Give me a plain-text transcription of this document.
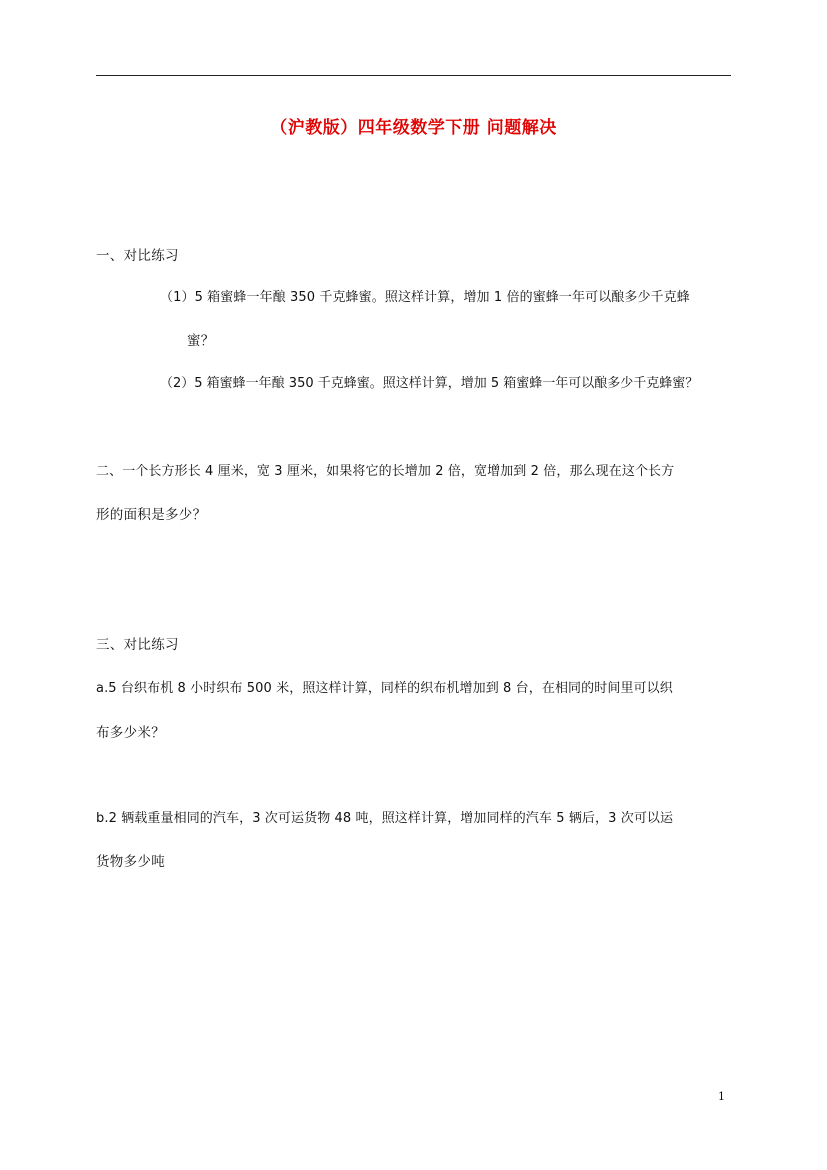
（沪教版）四年级数学下册 问题解决
一、对比练习
（1）5 箱蜜蜂一年酿 350 千克蜂蜜。照这样计算，增加 1 倍的蜜蜂一年可以酿多少千克蜂
蜜？
（2）5 箱蜜蜂一年酿 350 千克蜂蜜。照这样计算，增加 5 箱蜜蜂一年可以酿多少千克蜂蜜？
二、一个长方形长 4 厘米，宽 3 厘米，如果将它的长增加 2 倍，宽增加到 2 倍，那么现在这个长方
形的面积是多少？
三、对比练习
a.5 台织布机 8 小时织布 500 米，照这样计算，同样的织布机增加到 8 台，在相同的时间里可以织
布多少米？
b.2 辆载重量相同的汽车，3 次可运货物 48 吨，照这样计算，增加同样的汽车 5 辆后，3 次可以运
货物多少吨
1
